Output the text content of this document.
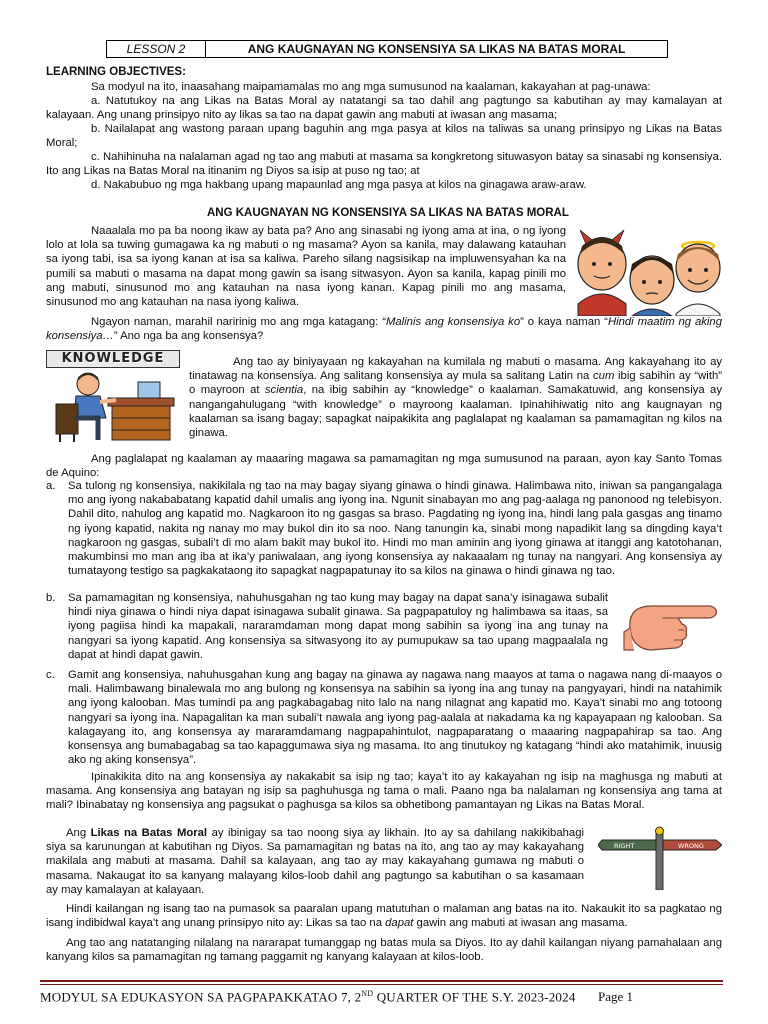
LESSON 2	ANG KAUGNAYAN NG KONSENSIYA SA LIKAS NA BATAS MORAL
LEARNING OBJECTIVES:
Sa modyul na ito, inaasahang maipamamalas mo ang mga sumusunod na kaalaman, kakayahan at pag-unawa:
a. Natutukoy na ang Likas na Batas Moral ay natatangi sa tao dahil ang pagtungo sa kabutihan ay may kamalayan at kalayaan. Ang unang prinsipyo nito ay likas sa tao na dapat gawin ang mabuti at iwasan ang masama;
b. Nailalapat ang wastong paraan upang baguhin ang mga pasya at kilos na taliwas sa unang prinsipyo ng Likas na Batas Moral;
c. Nahihinuha na nalalaman agad ng tao ang mabuti at masama sa kongkretong situwasyon batay sa sinasabi ng konsensiya. Ito ang Likas na Batas Moral na itinanim ng Diyos sa isip at puso ng tao; at
d. Nakabubuo ng mga hakbang upang mapaunlad ang mga pasya at kilos na ginagawa araw-araw.
ANG KAUGNAYAN NG KONSENSIYA SA LIKAS NA BATAS MORAL
Naaalala mo pa ba noong ikaw ay bata pa? Ano ang sinasabi ng iyong ama at ina, o ng iyong lolo at lola sa tuwing gumagawa ka ng mabuti o ng masama? Ayon sa kanila, may dalawang katauhan sa iyong tabi, isa sa iyong kanan at isa sa kaliwa. Pareho silang nagsisikap na impluwensyahan ka na pumili sa mabuti o masama na dapat mong gawin sa isang sitwasyon. Ayon sa kanila, kapag pinili mo ang mabuti, sinusunod mo ang katauhan na nasa iyong kanan. Kapag pinili mo ang masama, sinusunod mo ang katauhan na nasa iyong kaliwa.
Ngayon naman, marahil naririnig mo ang mga katagang: “Malinis ang konsensiya ko” o kaya naman “Hindi maatim ng aking konsensiya…” Ano nga ba ang konsensya?
KNOWLEDGE	Ang tao ay biniyayaan ng kakayahan na kumilala ng mabuti o masama. Ang kakayahang ito ay tinatawag na konsensiya. Ang salitang konsensiya ay mula sa salitang Latin na cum ibig sabihin ay “with” o mayroon at scientia, na ibig sabihin ay “knowledge” o kaalaman. Samakatuwid, ang konsensiya ay nangangahulugang “with knowledge” o mayroong kaalaman. Ipinahihiwatig nito ang kaugnayan ng kaalaman sa isang bagay; sapagkat naipakikita ang paglalapat ng kaalaman sa pamamagitan ng kilos na ginawa.
Ang paglalapat ng kaalaman ay maaaring magawa sa pamamagitan ng mga sumusunod na paraan, ayon kay Santo Tomas de Aquino:
a. Sa tulong ng konsensiya, nakikilala ng tao na may bagay siyang ginawa o hindi ginawa. Halimbawa nito, iniwan sa pangangalaga mo ang iyong nakababatang kapatid dahil umalis ang iyong ina. Ngunit sinabayan mo ang pag-aalaga ng panonood ng telebisyon. Dahil dito, nahulog ang kapatid mo. Nagkaroon ito ng gasgas sa braso. Pagdating ng iyong ina, hindi lang pala gasgas ang tinamo ng iyong kapatid, nakita ng nanay mo may bukol din ito sa noo. Nang tanungin ka, sinabi mong napadikit lang sa dingding kaya’t nagkaroon ng gasgas, subali’t di mo alam bakit may bukol ito. Hindi mo man aminin ang iyong ginawa at itanggi ang katotohanan, makumbinsi mo man ang iba at ika’y paniwalaan, ang iyong konsensiya ay nakaaalam ng tunay na nangyari. Ang konsensiya ay tumatayong testigo sa pagkakataong ito sapagkat nagpapatunay ito sa kilos na ginawa o hindi ginawa ng tao.
b. Sa pamamagitan ng konsensiya, nahuhusgahan ng tao kung may bagay na dapat sana’y isinagawa subalit hindi niya ginawa o hindi niya dapat isinagawa subalit ginawa. Sa pagpapatuloy ng halimbawa sa itaas, sa iyong pagiisa hindi ka mapakali, nararamdaman mong dapat mong sabihin sa iyong ina ang tunay na nangyari sa iyong kapatid. Ang konsensiya sa sitwasyong ito ay pumupukaw sa tao upang magpaalala ng dapat at hindi dapat gawin.
c. Gamit ang konsensiya, nahuhusgahan kung ang bagay na ginawa ay nagawa nang maayos at tama o nagawa nang di-maayos o mali. Halimbawang binalewala mo ang bulong ng konsensya na sabihin sa iyong ina ang tunay na pangyayari, hindi na natahimik ang iyong kalooban. Mas tumindi pa ang pagkabagabag nito lalo na nang nilagnat ang kapatid mo. Kaya’t sinabi mo ang totoong nangyari sa iyong ina. Napagalitan ka man subali’t nawala ang iyong pag-aalala at nakadama ka ng kapayapaan ng kalooban. Sa kalagayang ito, ang konsensya ay mararamdamang nagpapahintulot, nagpaparatang o maaaring nagpapahirap sa tao. Ang konsensya ang bumabagabag sa tao kapaggumawa siya ng masama. Ito ang tinutukoy ng katagang “hindi ako matahimik, inuusig ako ng aking konsensya”.
Ipinakikita dito na ang konsensiya ay nakakabit sa isip ng tao; kaya’t ito ay kakayahan ng isip na maghusga ng mabuti at masama. Ang konsensiya ang batayan ng isip sa paghuhusga ng tama o mali. Paano nga ba nalalaman ng konsensiya ang tama at mali? Ibinabatay ng konsensiya ang pagsukat o paghusga sa kilos sa obhetibong pamantayan ng Likas na Batas Moral.
Ang Likas na Batas Moral ay ibinigay sa tao noong siya ay likhain. Ito ay sa dahilang nakikibahagi siya sa karunungan at kabutihan ng Diyos. Sa pamamagitan ng batas na ito, ang tao ay may kakayahang makilala ang mabuti at masama. Dahil sa kalayaan, ang tao ay may kakayahang gumawa ng mabuti o masama. Nakaugat ito sa kanyang malayang kilos-loob dahil ang pagtungo sa kabutihan o sa kasamaan ay may kamalayan at kalayaan.
RIGHT	WRONG
Hindi kailangan ng isang tao na pumasok sa paaralan upang matutuhan o malaman ang batas na ito. Nakaukit ito sa pagkatao ng isang indibidwal kaya’t ang unang prinsipyo nito ay: Likas sa tao na dapat gawin ang mabuti at iwasan ang masama.
Ang tao ang natatanging nilalang na nararapat tumanggap ng batas mula sa Diyos. Ito ay dahil kailangan niyang pamahalaan ang kanyang kilos sa pamamagitan ng tamang paggamit ng kanyang kalayaan at kilos-loob.
MODYUL SA EDUKASYON SA PAGPAPAKKATAO 7, 2ND QUARTER OF THE S.Y. 2023-2024 Page 1
